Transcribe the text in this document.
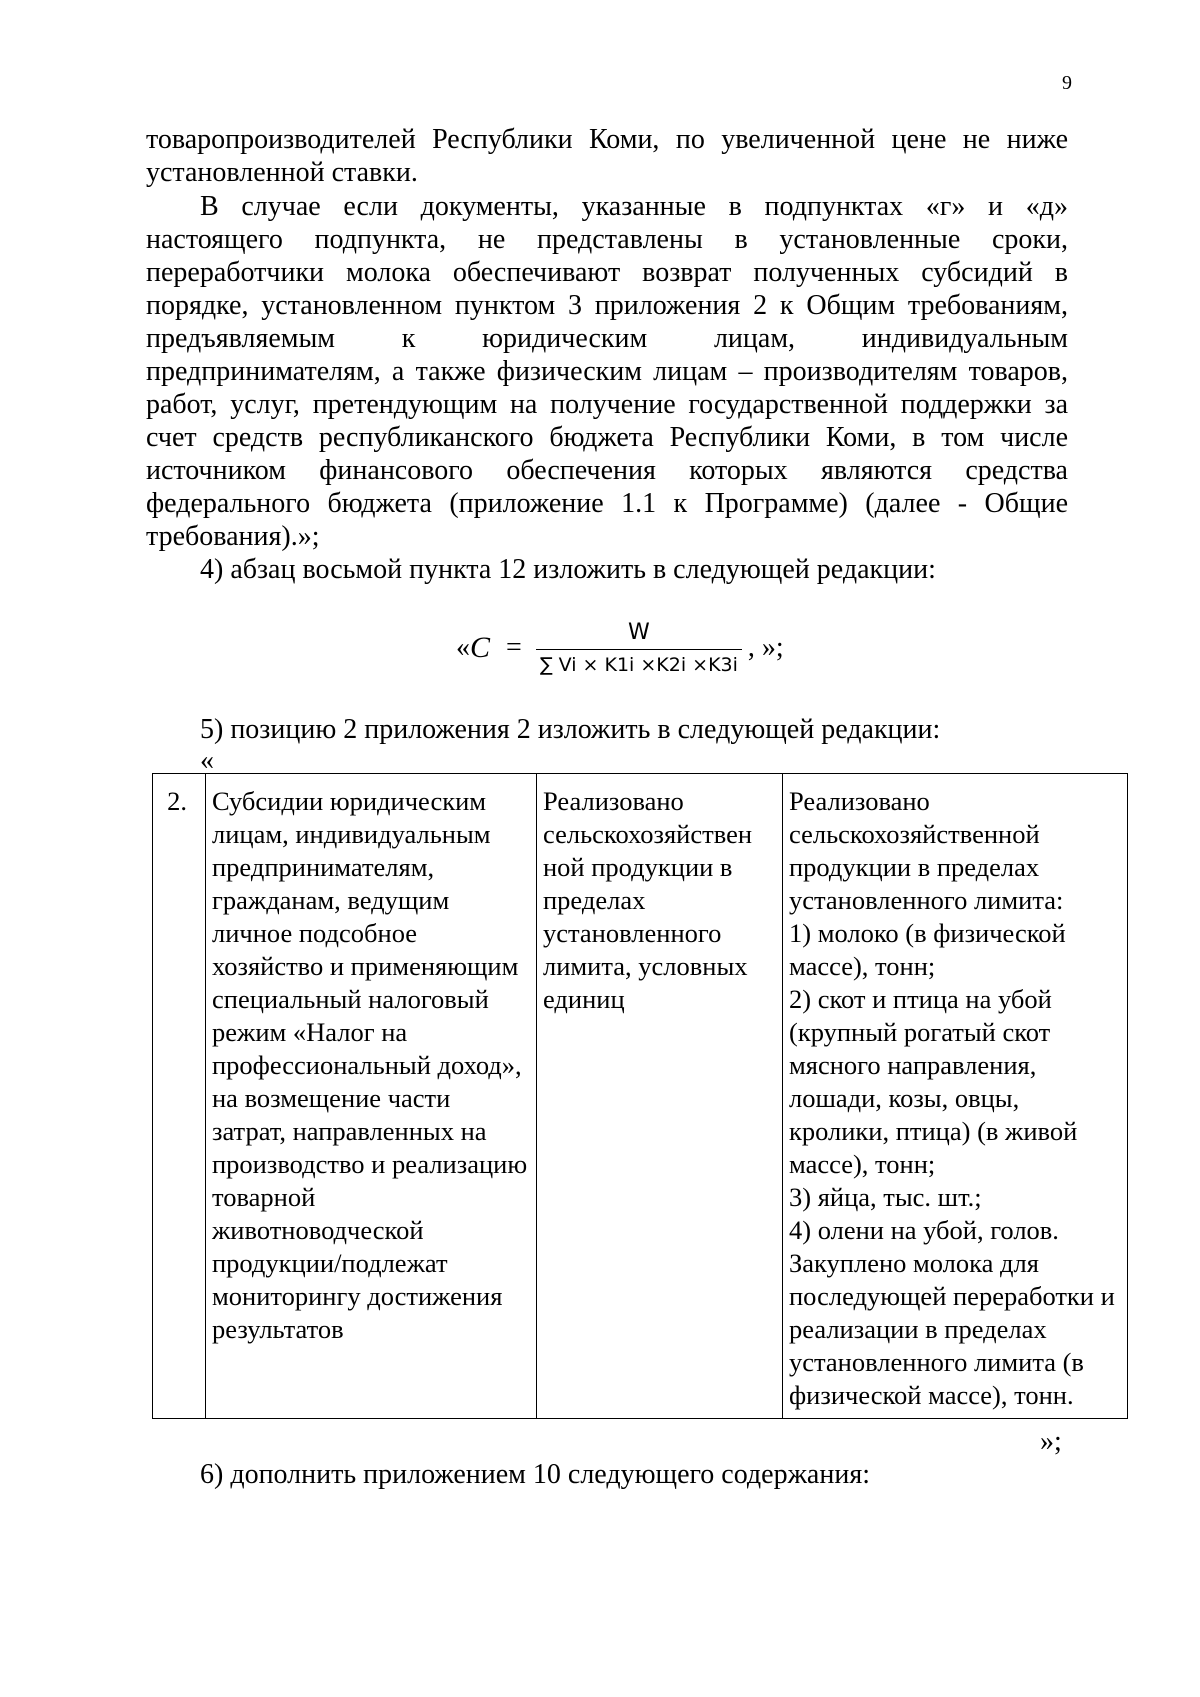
9

товаропроизводителей Республики Коми, по увеличенной цене не ниже установленной ставки.

В случае если документы, указанные в подпунктах «г» и «д» настоящего подпункта, не представлены в установленные сроки, переработчики молока обеспечивают возврат полученных субсидий в порядке, установленном пунктом 3 приложения 2 к Общим требованиям, предъявляемым к юридическим лицам, индивидуальным предпринимателям, а также физическим лицам – производителям товаров, работ, услуг, претендующим на получение государственной поддержки за счет средств республиканского бюджета Республики Коми, в том числе источником финансового обеспечения которых являются средства федерального бюджета (приложение 1.1 к Программе) (далее - Общие требования).»;

4) абзац восьмой пункта 12 изложить в следующей редакции:

« $C = \frac{W}{\sum Vi \times K1i \times K2i \times K3i}$ , »;

5) позицию 2 приложения 2 изложить в следующей редакции:

«
2.	Субсидии юридическим лицам, индивидуальным предпринимателям, гражданам, ведущим личное подсобное хозяйство и применяющим специальный налоговый режим «Налог на профессиональный доход», на возмещение части затрат, направленных на производство и реализацию товарной животноводческой продукции/подлежат мониторингу достижения результатов	Реализовано сельскохозяйствен ной продукции в пределах установленного лимита, условных единиц	Реализовано сельскохозяйственной продукции в пределах установленного лимита:
1) молоко (в физической массе), тонн;
2) скот и птица на убой (крупный рогатый скот мясного направления, лошади, козы, овцы, кролики, птица) (в живой массе), тонн;
3) яйца, тыс. шт.;
4) олени на убой, голов.
Закуплено молока для последующей переработки и реализации в пределах установленного лимита (в физической массе), тонн.
»;

6) дополнить приложением 10 следующего содержания:
